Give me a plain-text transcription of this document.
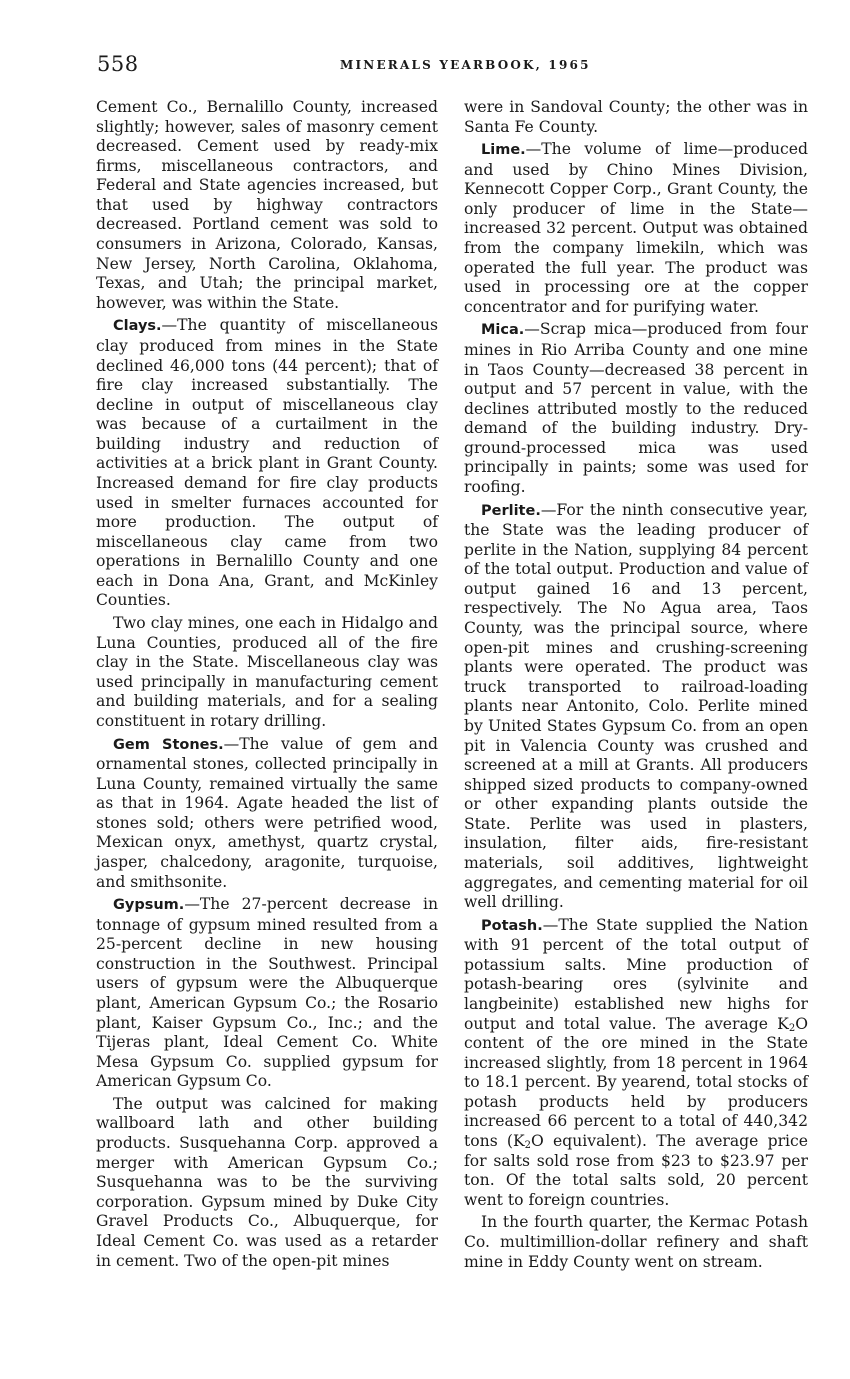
558	MINERALS YEARBOOK, 1965

Cement Co., Bernalillo County, increased slightly; however, sales of masonry cement decreased. Cement used by ready-mix firms, miscellaneous contractors, and Federal and State agencies increased, but that used by highway contractors decreased. Portland cement was sold to consumers in Arizona, Colorado, Kansas, New Jersey, North Carolina, Oklahoma, Texas, and Utah; the principal market, however, was within the State.

Clays.—The quantity of miscellaneous clay produced from mines in the State declined 46,000 tons (44 percent); that of fire clay increased substantially. The decline in output of miscellaneous clay was because of a curtailment in the building industry and reduction of activities at a brick plant in Grant County. Increased demand for fire clay products used in smelter furnaces accounted for more production. The output of miscellaneous clay came from two operations in Bernalillo County and one each in Dona Ana, Grant, and McKinley Counties.

Two clay mines, one each in Hidalgo and Luna Counties, produced all of the fire clay in the State. Miscellaneous clay was used principally in manufacturing cement and building materials, and for a sealing constituent in rotary drilling.

Gem Stones.—The value of gem and ornamental stones, collected principally in Luna County, remained virtually the same as that in 1964. Agate headed the list of stones sold; others were petrified wood, Mexican onyx, amethyst, quartz crystal, jasper, chalcedony, aragonite, turquoise, and smithsonite.

Gypsum.—The 27-percent decrease in tonnage of gypsum mined resulted from a 25-percent decline in new housing construction in the Southwest. Principal users of gypsum were the Albuquerque plant, American Gypsum Co.; the Rosario plant, Kaiser Gypsum Co., Inc.; and the Tijeras plant, Ideal Cement Co. White Mesa Gypsum Co. supplied gypsum for American Gypsum Co.

The output was calcined for making wallboard lath and other building products. Susquehanna Corp. approved a merger with American Gypsum Co.; Susquehanna was to be the surviving corporation. Gypsum mined by Duke City Gravel Products Co., Albuquerque, for Ideal Cement Co. was used as a retarder in cement. Two of the open-pit mines

were in Sandoval County; the other was in Santa Fe County.

Lime.—The volume of lime—produced and used by Chino Mines Division, Kennecott Copper Corp., Grant County, the only producer of lime in the State—increased 32 percent. Output was obtained from the company limekiln, which was operated the full year. The product was used in processing ore at the copper concentrator and for purifying water.

Mica.—Scrap mica—produced from four mines in Rio Arriba County and one mine in Taos County—decreased 38 percent in output and 57 percent in value, with the declines attributed mostly to the reduced demand of the building industry. Dry-ground-processed mica was used principally in paints; some was used for roofing.

Perlite.—For the ninth consecutive year, the State was the leading producer of perlite in the Nation, supplying 84 percent of the total output. Production and value of output gained 16 and 13 percent, respectively. The No Agua area, Taos County, was the principal source, where open-pit mines and crushing-screening plants were operated. The product was truck transported to railroad-loading plants near Antonito, Colo. Perlite mined by United States Gypsum Co. from an open pit in Valencia County was crushed and screened at a mill at Grants. All producers shipped sized products to company-owned or other expanding plants outside the State. Perlite was used in plasters, insulation, filter aids, fire-resistant materials, soil additives, lightweight aggregates, and cementing material for oil well drilling.

Potash.—The State supplied the Nation with 91 percent of the total output of potassium salts. Mine production of potash-bearing ores (sylvinite and langbeinite) established new highs for output and total value. The average $K_2O$ content of the ore mined in the State increased slightly, from 18 percent in 1964 to 18.1 percent. By yearend, total stocks of potash products held by producers increased 66 percent to a total of 440,342 tons ($K_2O$ equivalent). The average price for salts sold rose from $23 to $23.97 per ton. Of the total salts sold, 20 percent went to foreign countries.

In the fourth quarter, the Kermac Potash Co. multimillion-dollar refinery and shaft mine in Eddy County went on stream.
